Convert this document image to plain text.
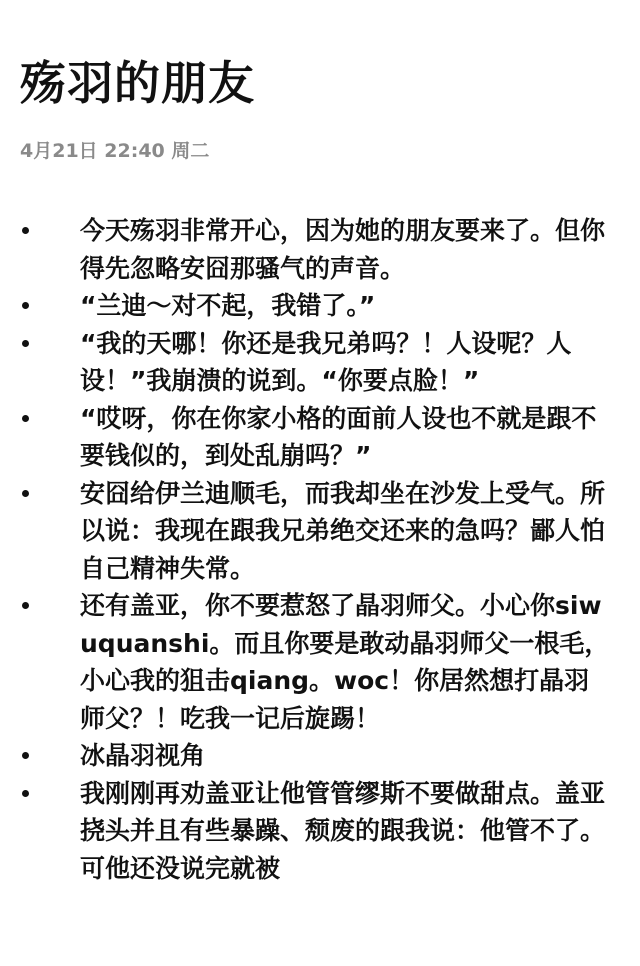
殇羽的朋友
4月21日 22:40 周二
今天殇羽非常开心，因为她的朋友要来了。但你得先忽略安囧那骚气的声音。
“兰迪～对不起，我错了。”
“我的天哪！你还是我兄弟吗？！人设呢？人设！”我崩溃的说到。“你要点脸！”
“哎呀，你在你家小格的面前人设也不就是跟不要钱似的，到处乱崩吗？”
安囧给伊兰迪顺毛，而我却坐在沙发上受气。所以说：我现在跟我兄弟绝交还来的急吗？鄙人怕自己精神失常。
还有盖亚，你不要惹怒了晶羽师父。小心你siwuquanshi。而且你要是敢动晶羽师父一根毛，小心我的狙击qiang。woc！你居然想打晶羽师父？！吃我一记后旋踢！
冰晶羽视角
我刚刚再劝盖亚让他管管缪斯不要做甜点。盖亚挠头并且有些暴躁、颓废的跟我说：他管不了。可他还没说完就被
